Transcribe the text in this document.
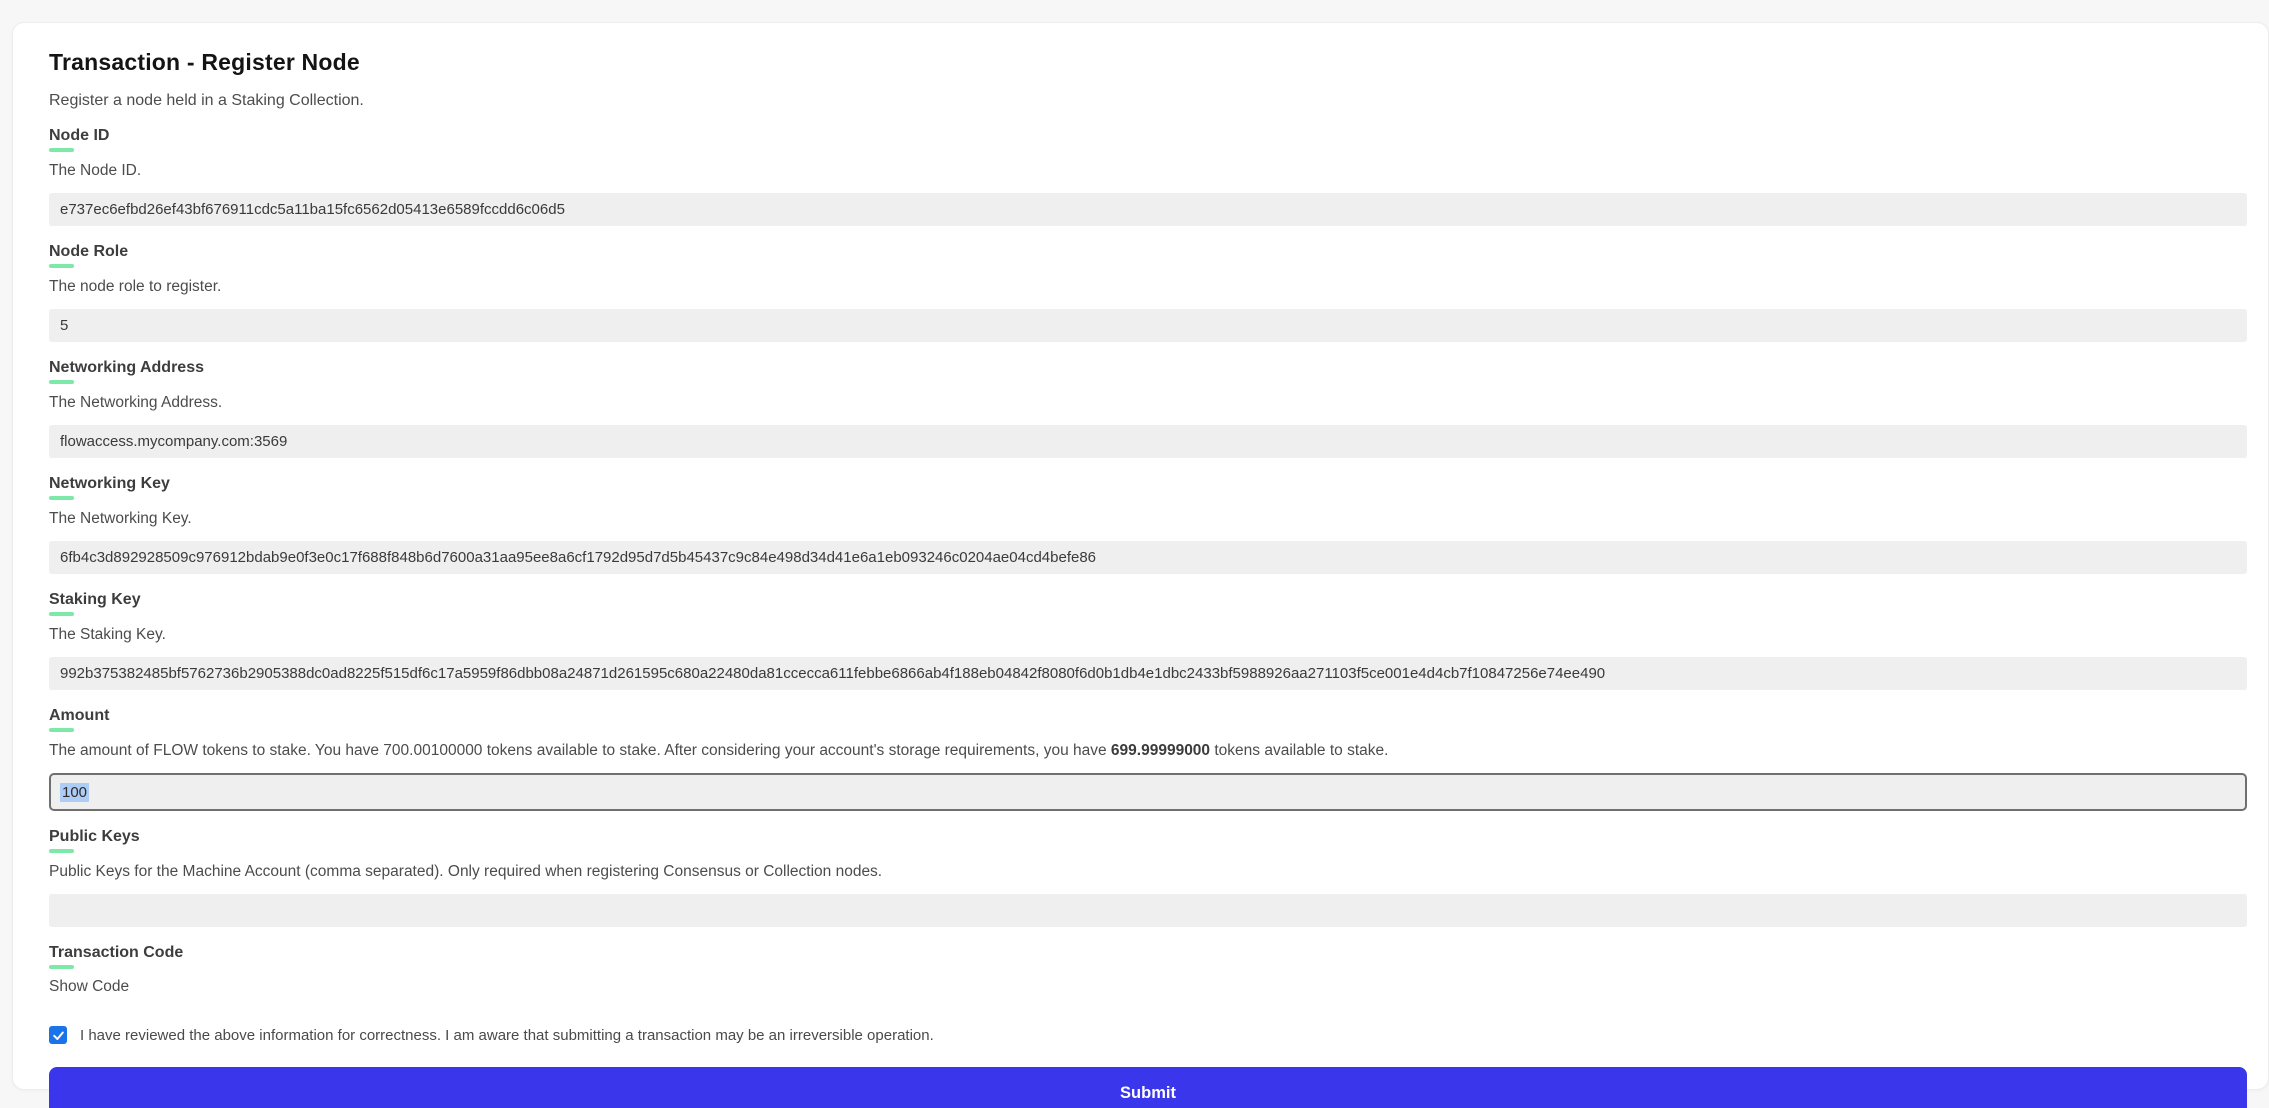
Transaction - Register Node

Register a node held in a Staking Collection.

Node ID

The Node ID.

e737ec6efbd26ef43bf676911cdc5a11ba15fc6562d05413e6589fccdd6c06d5
Node Role

The node role to register.

5
Networking Address

The Networking Address.

flowaccess.mycompany.com:3569
Networking Key

The Networking Key.

6fb4c3d892928509c976912bdab9e0f3e0c17f688f848b6d7600a31aa95ee8a6cf1792d95d7d5b45437c9c84e498d34d41e6a1eb093246c0204ae04cd4befe86
Staking Key

The Staking Key.

992b375382485bf5762736b2905388dc0ad8225f515df6c17a5959f86dbb08a24871d261595c680a22480da81ccecca611febbe6866ab4f188eb04842f8080f6d0b1db4e1dbc2433bf5988926aa271103f5ce001e4d4cb7f10847256e74ee490
Amount

The amount of FLOW tokens to stake. You have 700.00100000 tokens available to stake. After considering your account's storage requirements, you have 699.99999000 tokens available to stake.

100
Public Keys

Public Keys for the Machine Account (comma separated). Only required when registering Consensus or Collection nodes.

Transaction Code
Show Code
I have reviewed the above information for correctness. I am aware that submitting a transaction may be an irreversible operation.
Submit
